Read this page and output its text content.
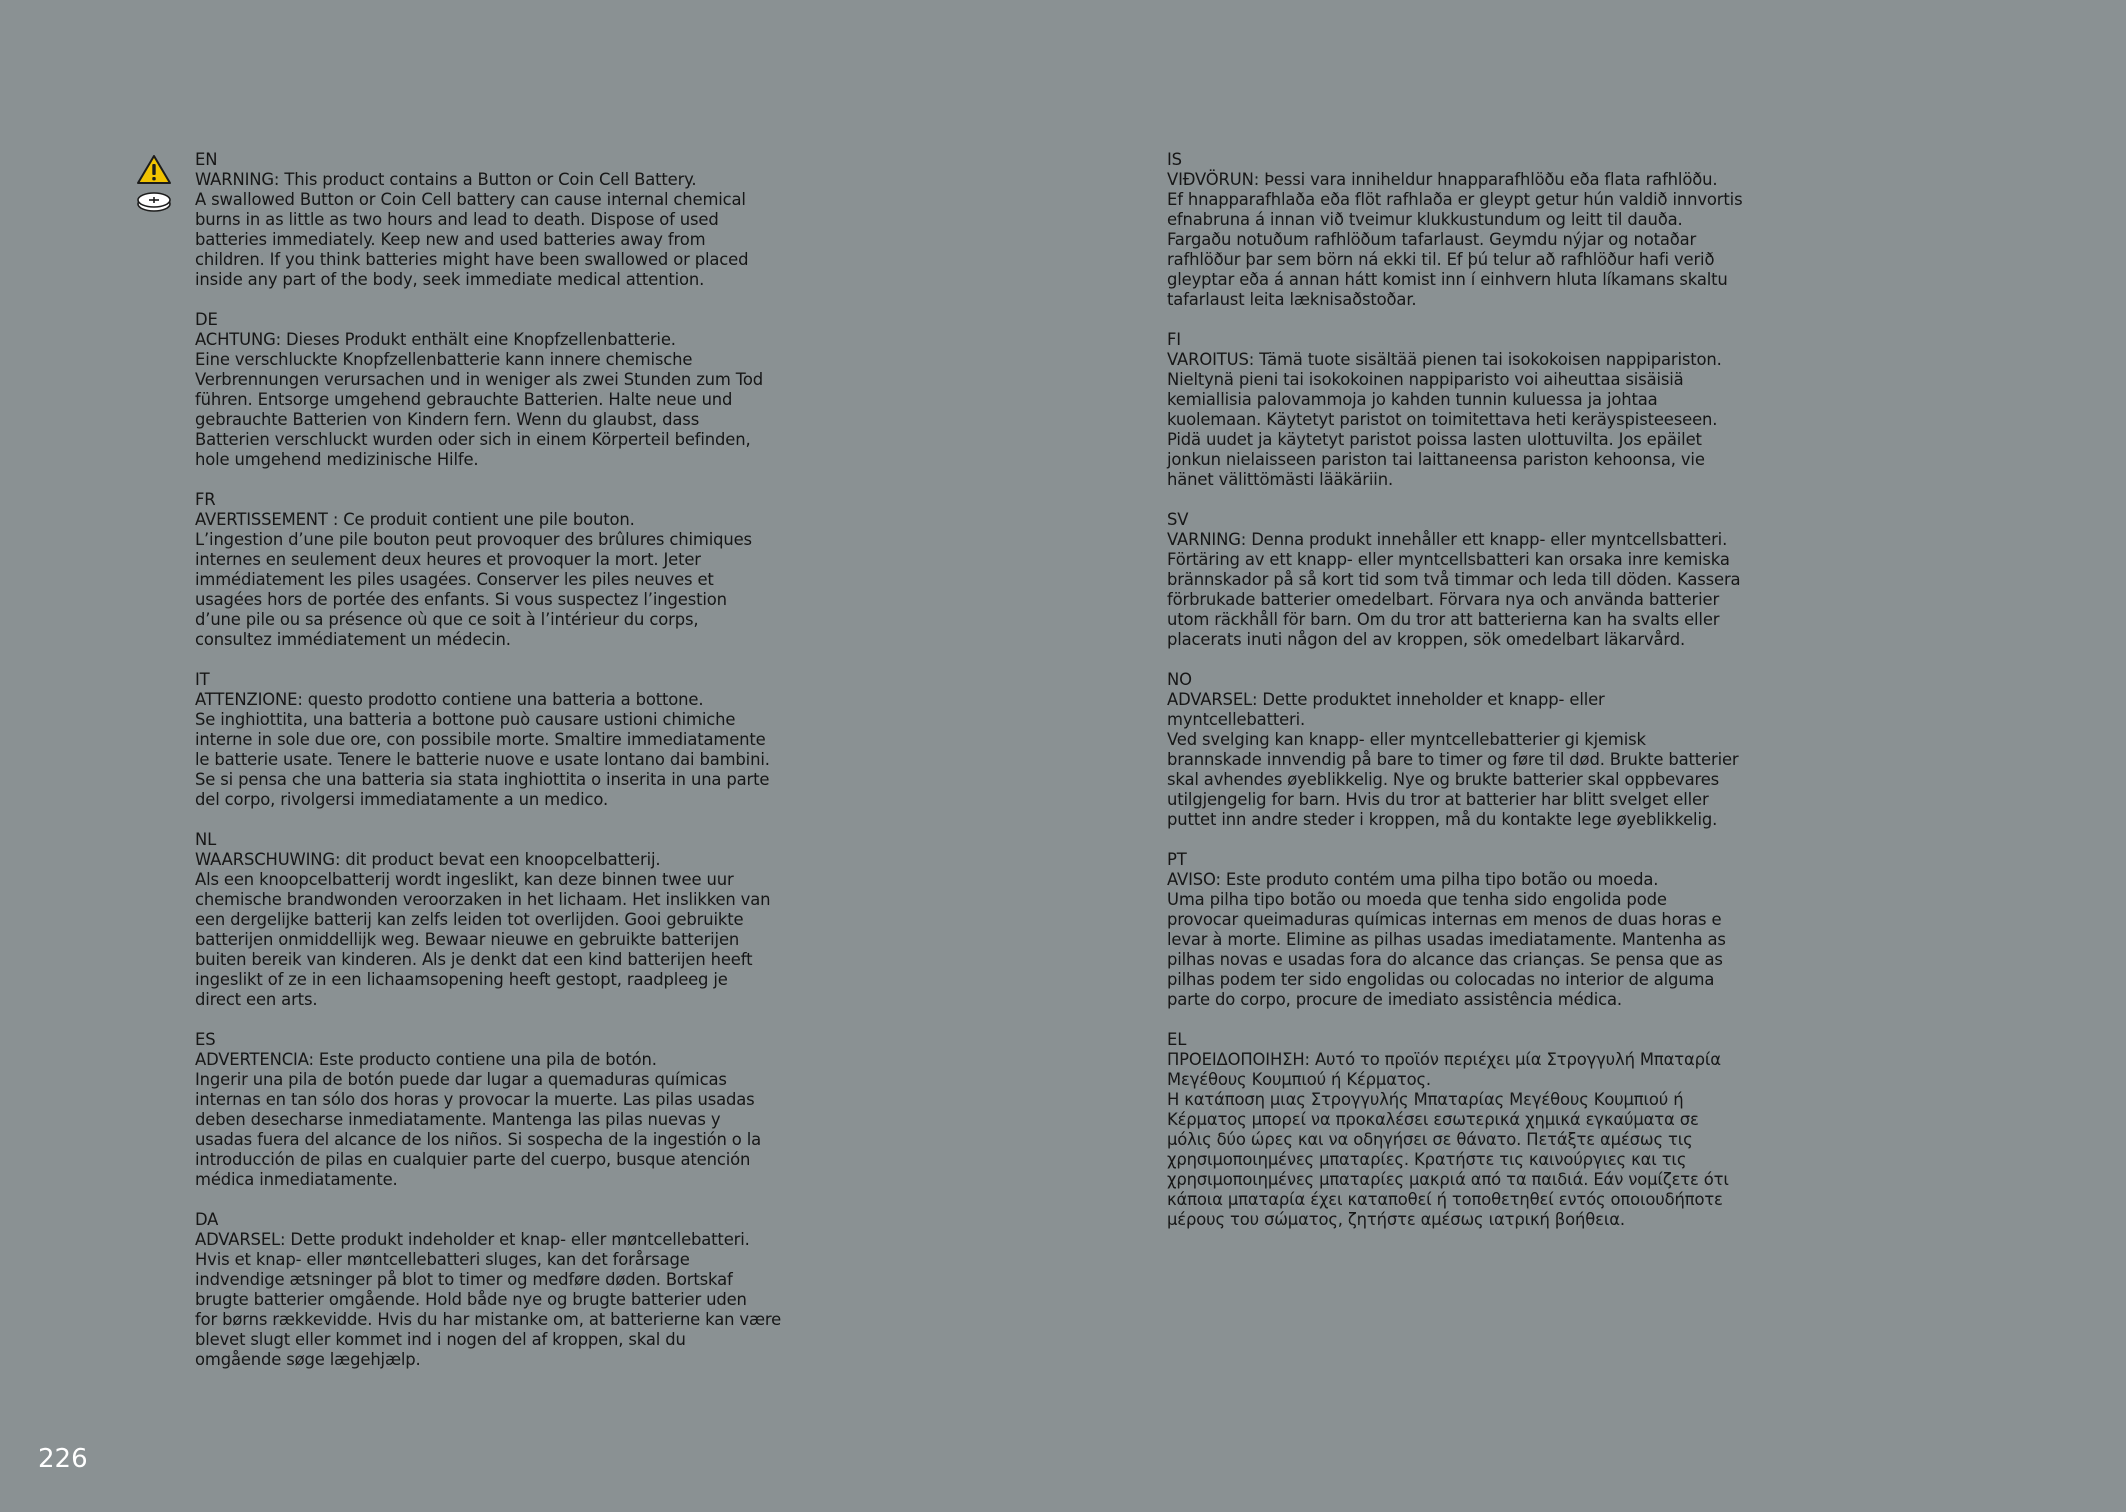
EN
WARNING: This product contains a Button or Coin Cell Battery.
A swallowed Button or Coin Cell battery can cause internal chemical
burns in as little as two hours and lead to death. Dispose of used
batteries immediately. Keep new and used batteries away from
children. If you think batteries might have been swallowed or placed
inside any part of the body, seek immediate medical attention.
DE
ACHTUNG: Dieses Produkt enthält eine Knopfzellenbatterie.
Eine verschluckte Knopfzellenbatterie kann innere chemische
Verbrennungen verursachen und in weniger als zwei Stunden zum Tod
führen. Entsorge umgehend gebrauchte Batterien. Halte neue und
gebrauchte Batterien von Kindern fern. Wenn du glaubst, dass
Batterien verschluckt wurden oder sich in einem Körperteil befinden,
hole umgehend medizinische Hilfe.
FR
AVERTISSEMENT : Ce produit contient une pile bouton.
L’ingestion d’une pile bouton peut provoquer des brûlures chimiques
internes en seulement deux heures et provoquer la mort. Jeter
immédiatement les piles usagées. Conserver les piles neuves et
usagées hors de portée des enfants. Si vous suspectez l’ingestion
d’une pile ou sa présence où que ce soit à l’intérieur du corps,
consultez immédiatement un médecin.
IT
ATTENZIONE: questo prodotto contiene una batteria a bottone.
Se inghiottita, una batteria a bottone può causare ustioni chimiche
interne in sole due ore, con possibile morte. Smaltire immediatamente
le batterie usate. Tenere le batterie nuove e usate lontano dai bambini.
Se si pensa che una batteria sia stata inghiottita o inserita in una parte
del corpo, rivolgersi immediatamente a un medico.
NL
WAARSCHUWING: dit product bevat een knoopcelbatterij.
Als een knoopcelbatterij wordt ingeslikt, kan deze binnen twee uur
chemische brandwonden veroorzaken in het lichaam. Het inslikken van
een dergelijke batterij kan zelfs leiden tot overlijden. Gooi gebruikte
batterijen onmiddellijk weg. Bewaar nieuwe en gebruikte batterijen
buiten bereik van kinderen. Als je denkt dat een kind batterijen heeft
ingeslikt of ze in een lichaamsopening heeft gestopt, raadpleeg je
direct een arts.
ES
ADVERTENCIA: Este producto contiene una pila de botón.
Ingerir una pila de botón puede dar lugar a quemaduras químicas
internas en tan sólo dos horas y provocar la muerte. Las pilas usadas
deben desecharse inmediatamente. Mantenga las pilas nuevas y
usadas fuera del alcance de los niños. Si sospecha de la ingestión o la
introducción de pilas en cualquier parte del cuerpo, busque atención
médica inmediatamente.
DA
ADVARSEL: Dette produkt indeholder et knap- eller møntcellebatteri.
Hvis et knap- eller møntcellebatteri sluges, kan det forårsage
indvendige ætsninger på blot to timer og medføre døden. Bortskaf
brugte batterier omgående. Hold både nye og brugte batterier uden
for børns rækkevidde. Hvis du har mistanke om, at batterierne kan være
blevet slugt eller kommet ind i nogen del af kroppen, skal du
omgående søge lægehjælp.
IS
VIÐVÖRUN: Þessi vara inniheldur hnapparafhlöðu eða flata rafhlöðu.
Ef hnapparafhlaða eða flöt rafhlaða er gleypt getur hún valdið innvortis
efnabruna á innan við tveimur klukkustundum og leitt til dauða.
Fargaðu notuðum rafhlöðum tafarlaust. Geymdu nýjar og notaðar
rafhlöður þar sem börn ná ekki til. Ef þú telur að rafhlöður hafi verið
gleyptar eða á annan hátt komist inn í einhvern hluta líkamans skaltu
tafarlaust leita læknisaðstoðar.
FI
VAROITUS: Tämä tuote sisältää pienen tai isokokoisen nappipariston.
Nieltynä pieni tai isokokoinen nappiparisto voi aiheuttaa sisäisiä
kemiallisia palovammoja jo kahden tunnin kuluessa ja johtaa
kuolemaan. Käytetyt paristot on toimitettava heti keräyspisteeseen.
Pidä uudet ja käytetyt paristot poissa lasten ulottuvilta. Jos epäilet
jonkun nielaisseen pariston tai laittaneensa pariston kehoonsa, vie
hänet välittömästi lääkäriin.
SV
VARNING: Denna produkt innehåller ett knapp- eller myntcellsbatteri.
Förtäring av ett knapp- eller myntcellsbatteri kan orsaka inre kemiska
brännskador på så kort tid som två timmar och leda till döden. Kassera
förbrukade batterier omedelbart. Förvara nya och använda batterier
utom räckhåll för barn. Om du tror att batterierna kan ha svalts eller
placerats inuti någon del av kroppen, sök omedelbart läkarvård.
NO
ADVARSEL: Dette produktet inneholder et knapp- eller
myntcellebatteri.
Ved svelging kan knapp- eller myntcellebatterier gi kjemisk
brannskade innvendig på bare to timer og føre til død. Brukte batterier
skal avhendes øyeblikkelig. Nye og brukte batterier skal oppbevares
utilgjengelig for barn. Hvis du tror at batterier har blitt svelget eller
puttet inn andre steder i kroppen, må du kontakte lege øyeblikkelig.
PT
AVISO: Este produto contém uma pilha tipo botão ou moeda.
Uma pilha tipo botão ou moeda que tenha sido engolida pode
provocar queimaduras químicas internas em menos de duas horas e
levar à morte. Elimine as pilhas usadas imediatamente. Mantenha as
pilhas novas e usadas fora do alcance das crianças. Se pensa que as
pilhas podem ter sido engolidas ou colocadas no interior de alguma
parte do corpo, procure de imediato assistência médica.
EL
ΠΡΟΕΙΔΟΠΟΙΗΣΗ: Αυτό το προϊόν περιέχει μία Στρογγυλή Μπαταρία
Μεγέθους Κουμπιού ή Κέρματος.
Η κατάποση μιας Στρογγυλής Μπαταρίας Μεγέθους Κουμπιού ή
Κέρματος μπορεί να προκαλέσει εσωτερικά χημικά εγκαύματα σε
μόλις δύο ώρες και να οδηγήσει σε θάνατο. Πετάξτε αμέσως τις
χρησιμοποιημένες μπαταρίες. Κρατήστε τις καινούργιες και τις
χρησιμοποιημένες μπαταρίες μακριά από τα παιδιά. Εάν νομίζετε ότι
κάποια μπαταρία έχει καταποθεί ή τοποθετηθεί εντός οποιουδήποτε
μέρους του σώματος, ζητήστε αμέσως ιατρική βοήθεια.
226
